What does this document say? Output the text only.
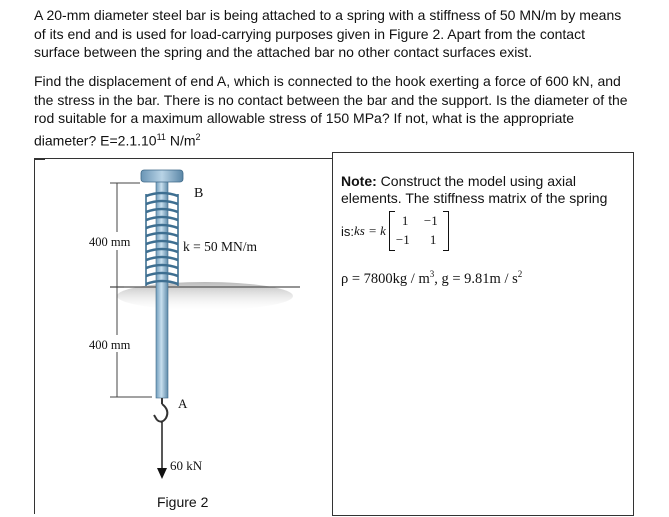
A 20-mm diameter steel bar is being attached to a spring with a stiffness of 50 MN/m by means of its end and is used for load-carrying purposes given in Figure 2. Apart from the contact surface between the spring and the attached bar no other contact surfaces exist.

Find the displacement of end A, which is connected to the hook exerting a force of 600 kN, and the stress in the bar. There is no contact between the bar and the support. Is the diameter of the rod suitable for a maximum allowable stress of 150 MPa? If not, what is the appropriate diameter? $E=2.1.10^{11}$ $N/m^2$

B
400 mm	k = 50 MN/m
400 mm
A
60 kN
Figure 2

Note: Construct the model using axial elements. The stiffness matrix of the spring

is: ks = k
1 −1
−1 1
$\rho = 7800kg / m^3$, $g = 9.81m / s^2$
